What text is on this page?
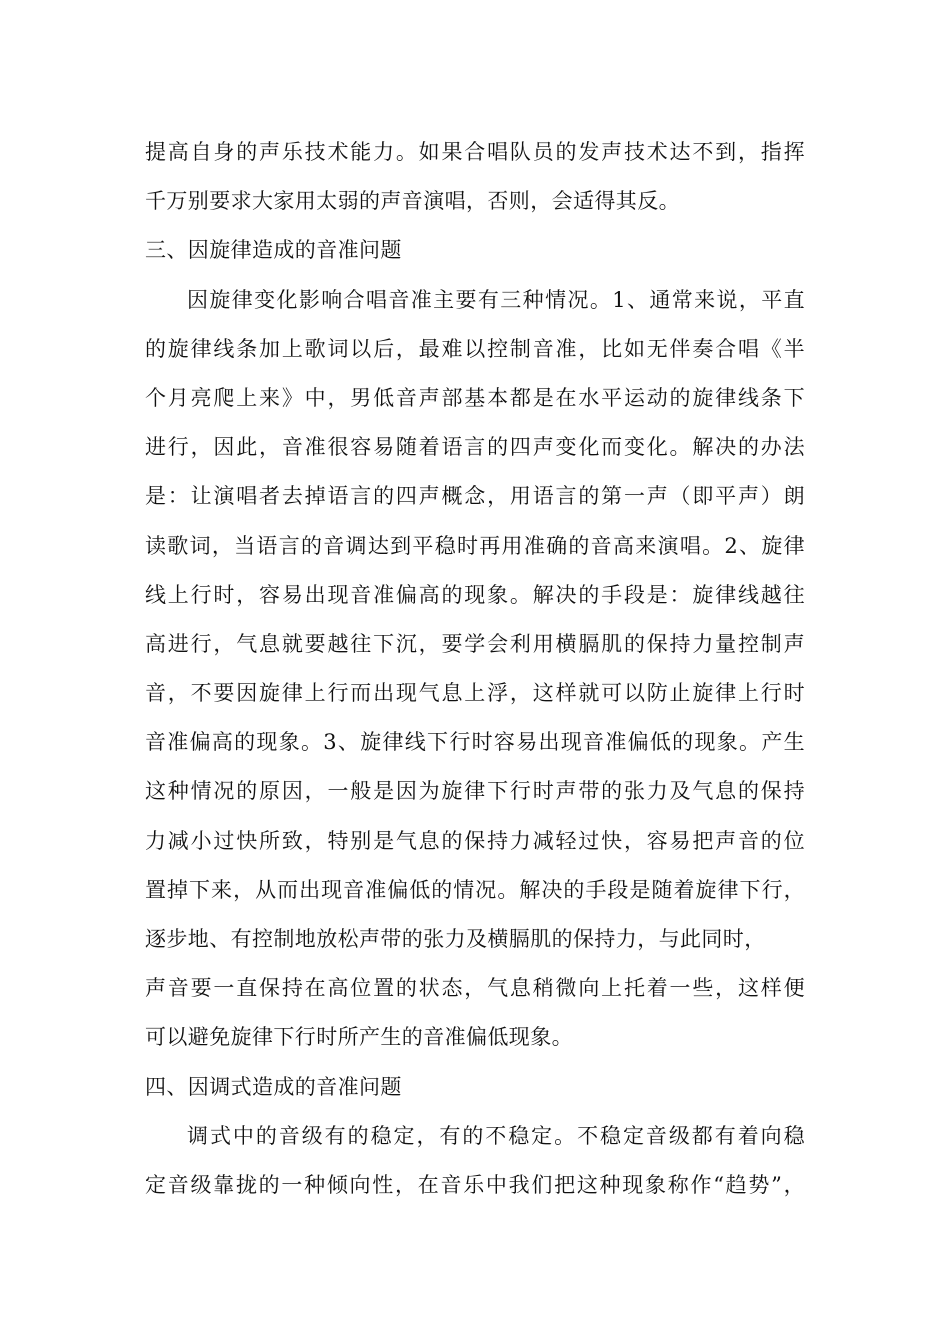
提高自身的声乐技术能力。如果合唱队员的发声技术达不到，指挥
千万别要求大家用太弱的声音演唱，否则，会适得其反。
三、因旋律造成的音准问题
因旋律变化影响合唱音准主要有三种情况。1、通常来说，平直
的旋律线条加上歌词以后，最难以控制音准，比如无伴奏合唱《半
个月亮爬上来》中，男低音声部基本都是在水平运动的旋律线条下
进行，因此，音准很容易随着语言的四声变化而变化。解决的办法
是：让演唱者去掉语言的四声概念，用语言的第一声（即平声）朗
读歌词，当语言的音调达到平稳时再用准确的音高来演唱。2、旋律
线上行时，容易出现音准偏高的现象。解决的手段是：旋律线越往
高进行，气息就要越往下沉，要学会利用横膈肌的保持力量控制声
音，不要因旋律上行而出现气息上浮，这样就可以防止旋律上行时
音准偏高的现象。3、旋律线下行时容易出现音准偏低的现象。产生
这种情况的原因，一般是因为旋律下行时声带的张力及气息的保持
力减小过快所致，特别是气息的保持力减轻过快，容易把声音的位
置掉下来，从而出现音准偏低的情况。解决的手段是随着旋律下行，
逐步地、有控制地放松声带的张力及横膈肌的保持力，与此同时，
声音要一直保持在高位置的状态，气息稍微向上托着一些，这样便
可以避免旋律下行时所产生的音准偏低现象。
四、因调式造成的音准问题
调式中的音级有的稳定，有的不稳定。不稳定音级都有着向稳
定音级靠拢的一种倾向性，在音乐中我们把这种现象称作“趋势”，
